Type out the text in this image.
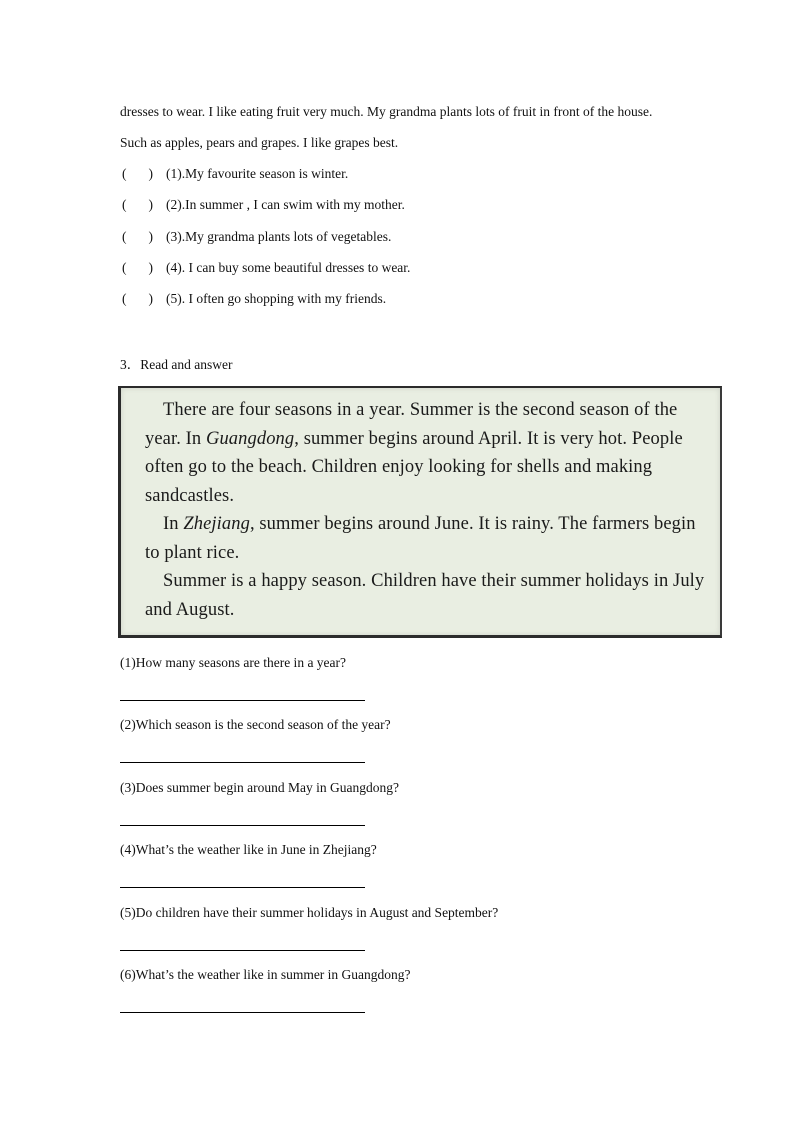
dresses to wear. I like eating fruit very much. My grandma plants lots of fruit in front of the house.
Such as apples, pears and grapes. I like grapes best.
( ) (1).My favourite season is winter.
( ) (2).In summer , I can swim with my mother.
( ) (3).My grandma plants lots of vegetables.
( ) (4). I can buy some beautiful dresses to wear.
( ) (5). I often go shopping with my friends.
3．Read and answer
There are four seasons in a year. Summer is the second season of the year. In Guangdong, summer begins around April. It is very hot. People often go to the beach. Children enjoy looking for shells and making sandcastles.
In Zhejiang, summer begins around June. It is rainy. The farmers begin to plant rice.
Summer is a happy season. Children have their summer holidays in July and August.
(1)How many seasons are there in a year?
(2)Which season is the second season of the year?
(3)Does summer begin around May in Guangdong?
(4)What’s the weather like in June in Zhejiang?
(5)Do children have their summer holidays in August and September?
(6)What’s the weather like in summer in Guangdong?
